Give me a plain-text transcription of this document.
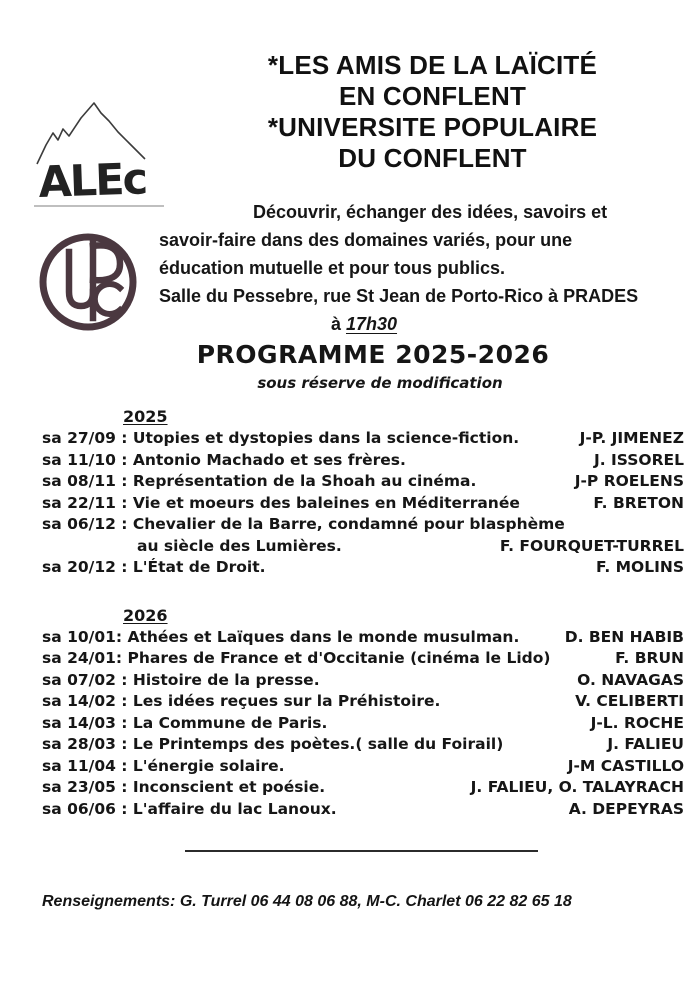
*LES AMIS DE LA LAÏCITÉ
EN CONFLENT
*UNIVERSITE POPULAIRE
DU CONFLENT
ALEc
Découvrir, échanger des idées, savoirs et
savoir-faire dans des domaines variés, pour une
éducation mutuelle et pour tous publics.
Salle du Pessebre, rue St Jean de Porto-Rico à PRADES
à 17h30
PROGRAMME 2025-2026
sous réserve de modification
2025
sa 27/09 : Utopies et dystopies dans la science-fiction.	J-P. JIMENEZ
sa 11/10 : Antonio Machado et ses frères.	J. ISSOREL
sa 08/11 : Représentation de la Shoah au cinéma.	J-P ROELENS
sa 22/11 : Vie et moeurs des baleines en Méditerranée	F. BRETON
sa 06/12 : Chevalier de la Barre, condamné pour blasphème
au siècle des Lumières.	F. FOURQUET-TURREL
sa 20/12 : L'État de Droit.	F. MOLINS
2026
sa 10/01: Athées et Laïques dans le monde musulman.	D. BEN HABIB
sa 24/01: Phares de France et d'Occitanie (cinéma le Lido)	F. BRUN
sa 07/02 : Histoire de la presse.	O. NAVAGAS
sa 14/02 : Les idées reçues sur la Préhistoire.	V. CELIBERTI
sa 14/03 : La Commune de Paris.	J-L. ROCHE
sa 28/03 : Le Printemps des poètes.( salle du Foirail)	J. FALIEU
sa 11/04 : L'énergie solaire.	J-M CASTILLO
sa 23/05 : Inconscient et poésie.	J. FALIEU, O. TALAYRACH
sa 06/06 : L'affaire du lac Lanoux.	A. DEPEYRAS
Renseignements: G. Turrel 06 44 08 06 88, M-C. Charlet 06 22 82 65 18
